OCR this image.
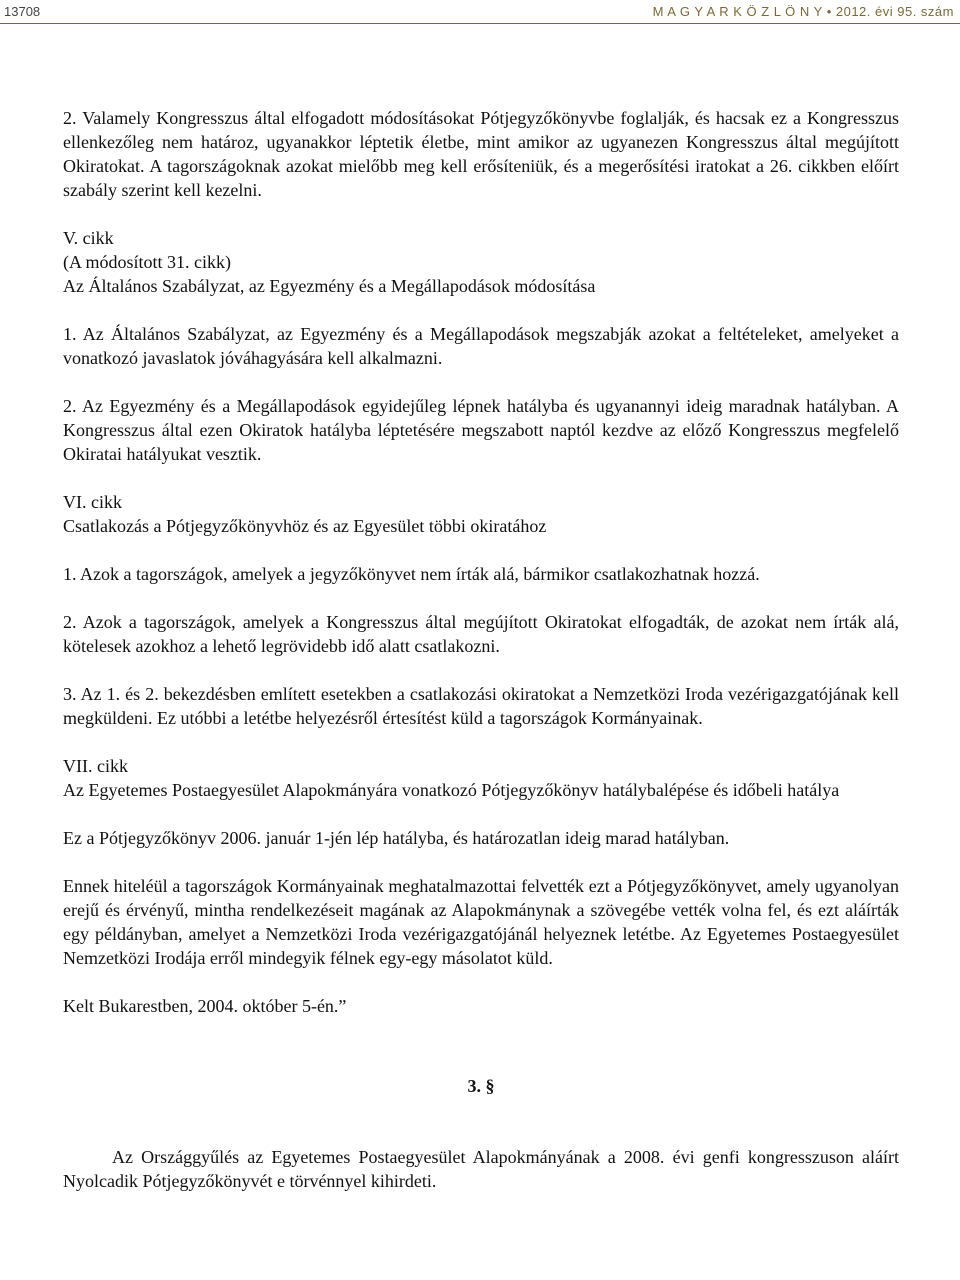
13708	M A G Y A R K Ö Z L Ö N Y • 2012. évi 95. szám

2. Valamely Kongresszus által elfogadott módosításokat Pótjegyzőkönyvbe foglalják, és hacsak ez a Kongresszus ellenkezőleg nem határoz, ugyanakkor léptetik életbe, mint amikor az ugyanezen Kongresszus által megújított Okiratokat. A tagországoknak azokat mielőbb meg kell erősíteniük, és a megerősítési iratokat a 26. cikkben előírt szabály szerint kell kezelni.

V. cikk

(A módosított 31. cikk)

Az Általános Szabályzat, az Egyezmény és a Megállapodások módosítása

1. Az Általános Szabályzat, az Egyezmény és a Megállapodások megszabják azokat a feltételeket, amelyeket a vonatkozó javaslatok jóváhagyására kell alkalmazni.

2. Az Egyezmény és a Megállapodások egyidejűleg lépnek hatályba és ugyanannyi ideig maradnak hatályban. A Kongresszus által ezen Okiratok hatályba léptetésére megszabott naptól kezdve az előző Kongresszus megfelelő Okiratai hatályukat vesztik.

VI. cikk

Csatlakozás a Pótjegyzőkönyvhöz és az Egyesület többi okiratához

1. Azok a tagországok, amelyek a jegyzőkönyvet nem írták alá, bármikor csatlakozhatnak hozzá.

2. Azok a tagországok, amelyek a Kongresszus által megújított Okiratokat elfogadták, de azokat nem írták alá, kötelesek azokhoz a lehető legrövidebb idő alatt csatlakozni.

3. Az 1. és 2. bekezdésben említett esetekben a csatlakozási okiratokat a Nemzetközi Iroda vezérigazgatójának kell megküldeni. Ez utóbbi a letétbe helyezésről értesítést küld a tagországok Kormányainak.

VII. cikk

Az Egyetemes Postaegyesület Alapokmányára vonatkozó Pótjegyzőkönyv hatálybalépése és időbeli hatálya

Ez a Pótjegyzőkönyv 2006. január 1-jén lép hatályba, és határozatlan ideig marad hatályban.

Ennek hiteléül a tagországok Kormányainak meghatalmazottai felvették ezt a Pótjegyzőkönyvet, amely ugyanolyan erejű és érvényű, mintha rendelkezéseit magának az Alapokmánynak a szövegébe vették volna fel, és ezt aláírták egy példányban, amelyet a Nemzetközi Iroda vezérigazgatójánál helyeznek letétbe. Az Egyetemes Postaegyesület Nemzetközi Irodája erről mindegyik félnek egy-egy másolatot küld.

Kelt Bukarestben, 2004. október 5-én.”

3. §

Az Országgyűlés az Egyetemes Postaegyesület Alapokmányának a 2008. évi genfi kongresszuson aláírt Nyolcadik Pótjegyzőkönyvét e törvénnyel kihirdeti.
